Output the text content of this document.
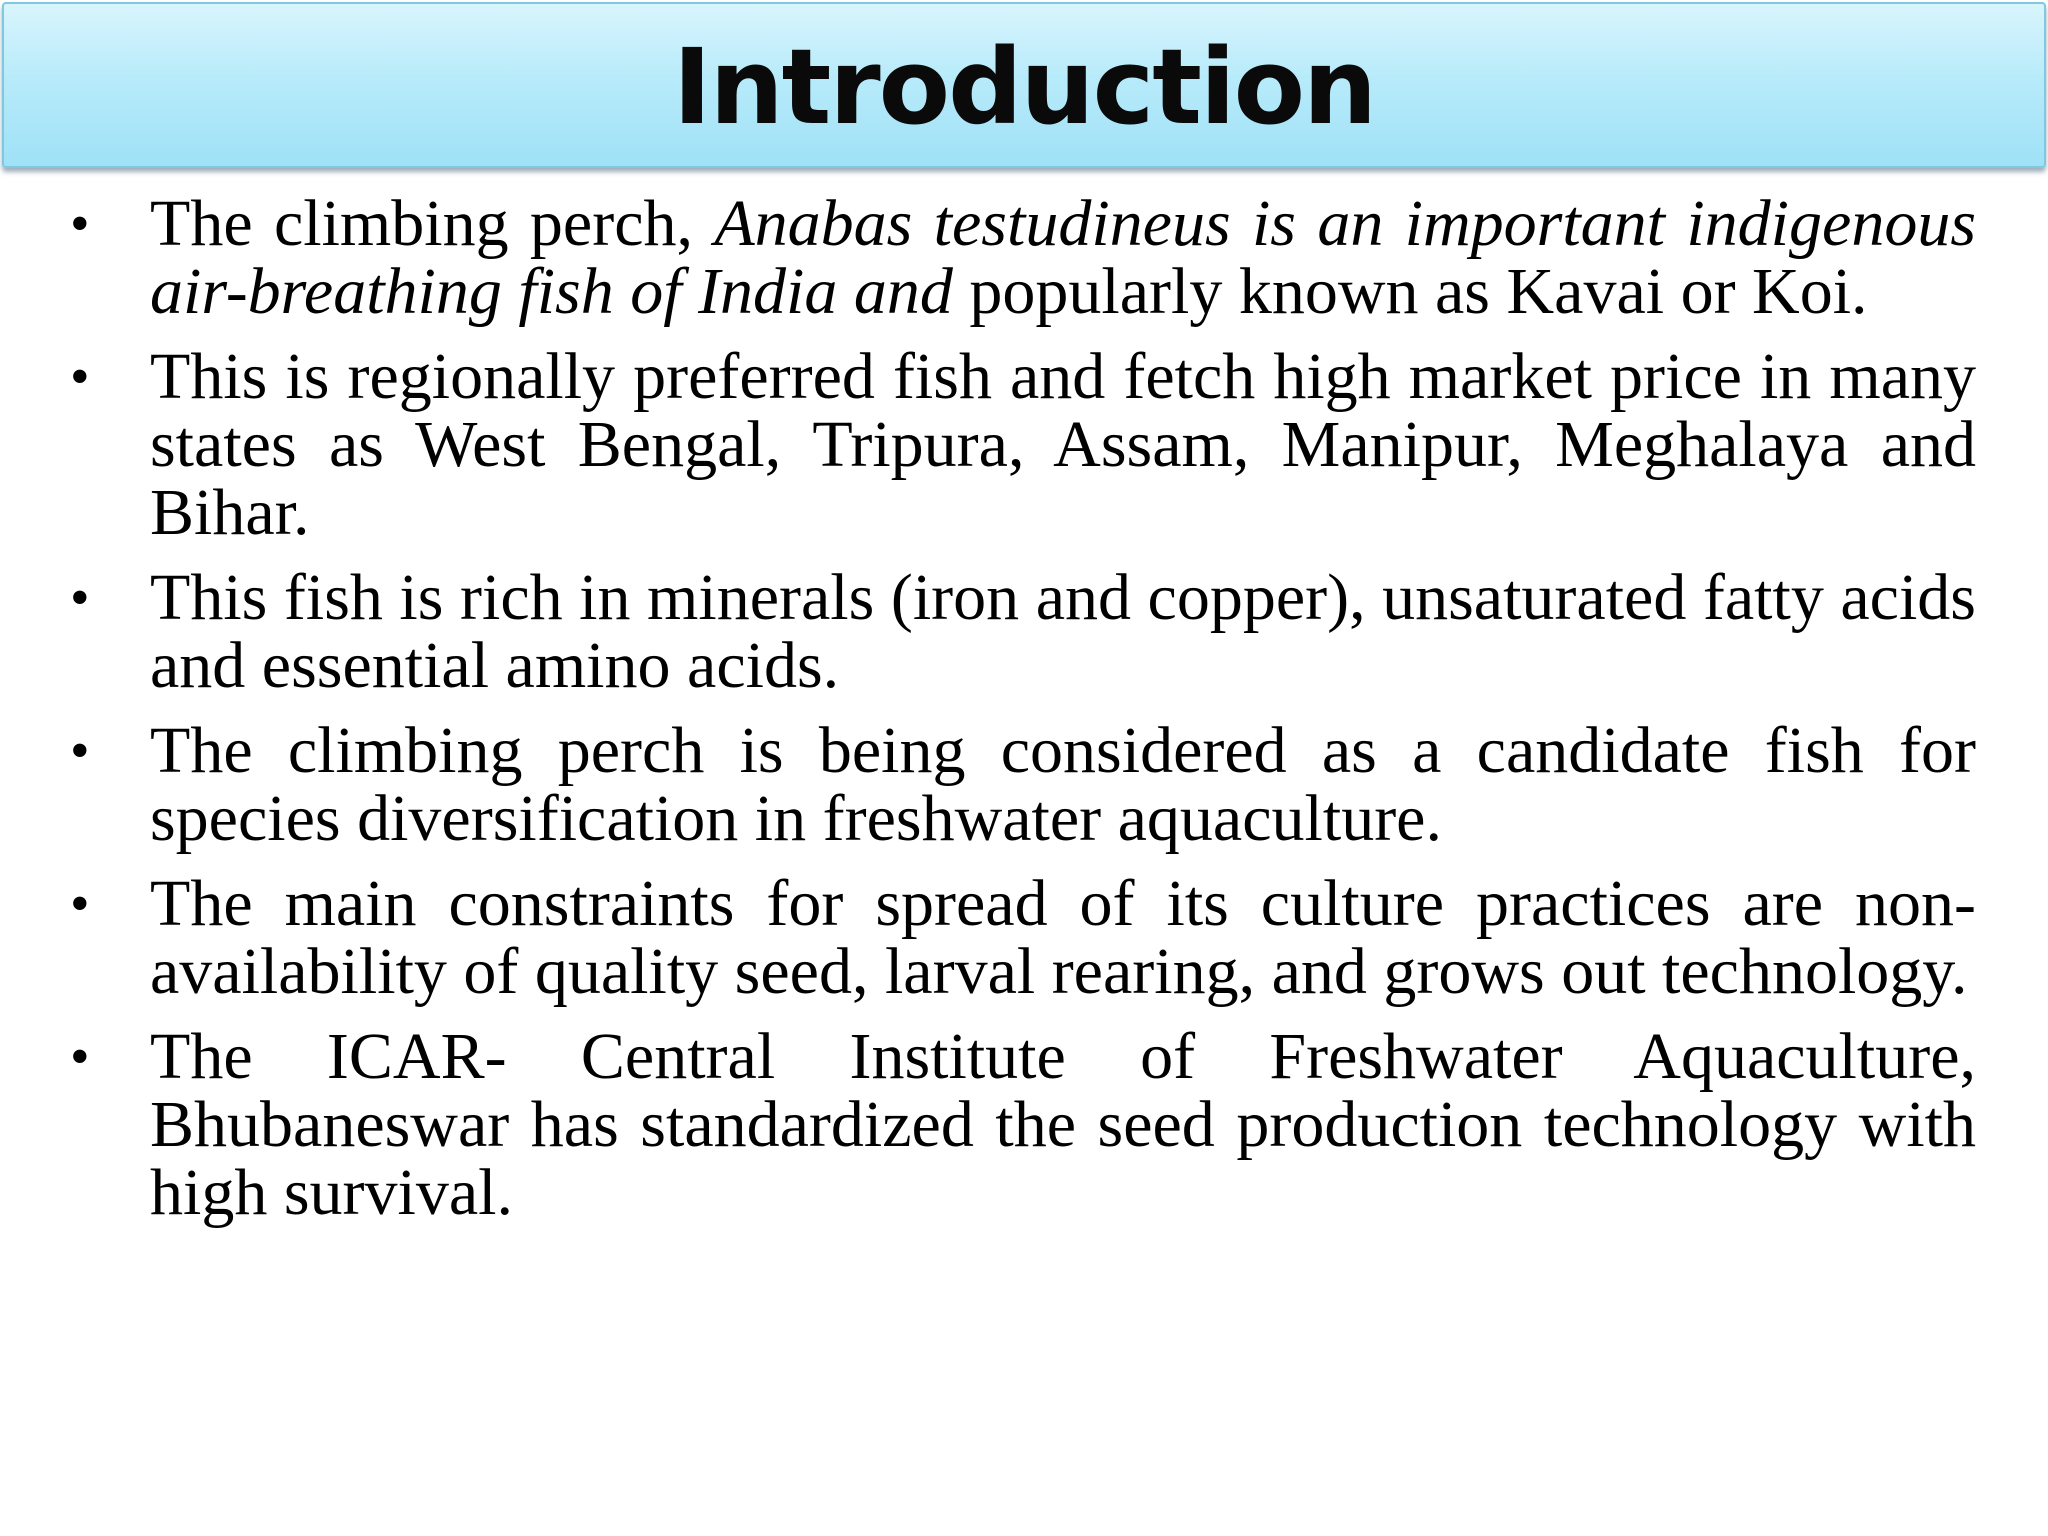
Introduction
• The climbing perch, Anabas testudineus is an important indigenous air-breathing fish of India and popularly known as Kavai or Koi.
• This is regionally preferred fish and fetch high market price in many states as West Bengal, Tripura, Assam, Manipur, Meghalaya and Bihar.
• This fish is rich in minerals (iron and copper), unsaturated fatty acids and essential amino acids.
• The climbing perch is being considered as a candidate fish for species diversification in freshwater aquaculture.
• The main constraints for spread of its culture practices are non-availability of quality seed, larval rearing, and grows out technology.
• The ICAR- Central Institute of Freshwater Aquaculture, Bhubaneswar has standardized the seed production technology with high survival.
